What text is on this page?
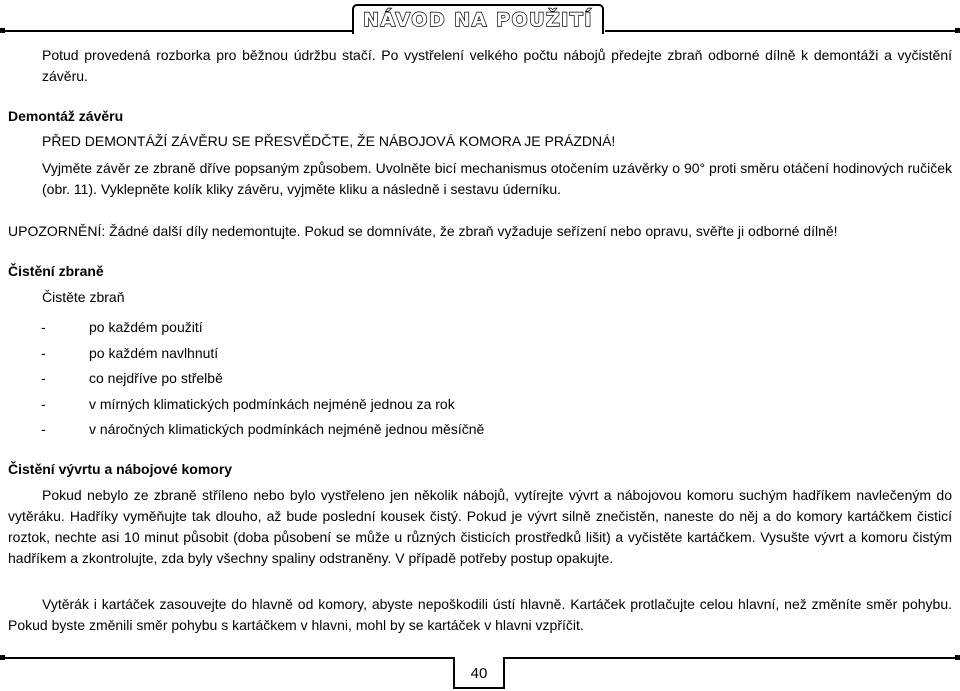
NÁVOD NA POUŽITÍ
Potud provedená rozborka pro běžnou údržbu stačí. Po vystřelení velkého počtu nábojů předejte zbraň odborné dílně k demontáži a vyčistění závěru.
Demontáž závěru
PŘED DEMONTÁŽÍ ZÁVĚRU SE PŘESVĚDČTE, ŽE NÁBOJOVÁ KOMORA JE PRÁZDNÁ!
Vyjměte závěr ze zbraně dříve popsaným způsobem. Uvolněte bicí mechanismus otočením uzávěrky o 90° proti směru otáčení hodinových ručiček (obr. 11). Vyklepněte kolík kliky závěru, vyjměte kliku a následně i sestavu úderníku.
UPOZORNĚNÍ: Žádné další díly nedemontujte. Pokud se domníváte, že zbraň vyžaduje seřízení nebo opravu, svěřte ji odborné dílně!
Čistění zbraně
Čistěte zbraň
-	po každém použití
-	po každém navlhnutí
-	co nejdříve po střelbě
-	v mírných klimatických podmínkách nejméně jednou za rok
-	v náročných klimatických podmínkách nejméně jednou měsíčně
Čistění vývrtu a nábojové komory
Pokud nebylo ze zbraně stříleno nebo bylo vystřeleno jen několik nábojů, vytírejte vývrt a nábojovou komoru suchým hadříkem navlečeným do vytěráku. Hadříky vyměňujte tak dlouho, až bude poslední kousek čistý. Pokud je vývrt silně znečistěn, naneste do něj a do komory kartáčkem čisticí roztok, nechte asi 10 minut působit (doba působení se může u různých čisticích prostředků lišit) a vyčistěte kartáčkem. Vysušte vývrt a komoru čistým hadříkem a zkontrolujte, zda byly všechny spaliny odstraněny. V případě potřeby postup opakujte.
Vytěrák i kartáček zasouvejte do hlavně od komory, abyste nepoškodili ústí hlavně. Kartáček protlačujte celou hlavní, než změníte směr pohybu. Pokud byste změnili směr pohybu s kartáčkem v hlavni, mohl by se kartáček v hlavni vzpříčit.
40
